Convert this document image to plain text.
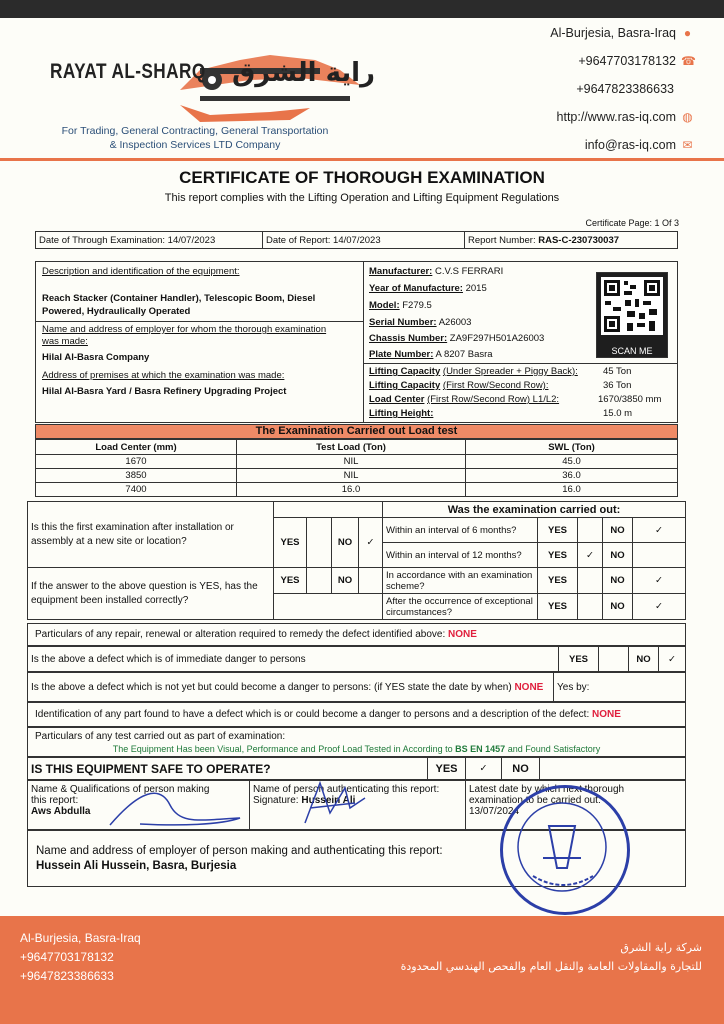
RAYAT AL-SHARQ راية الشرق
For Trading, General Contracting, General Transportation
& Inspection Services LTD Company
Al-Burjesia, Basra-Iraq ●
+9647703178132 ☎
+9647823386633
http://www.ras-iq.com ◍
info@ras-iq.com ✉
CERTIFICATE OF THOROUGH EXAMINATION
This report complies with the Lifting Operation and Lifting Equipment Regulations
Certificate Page: 1 Of 3
Date of Through Examination: 14/07/2023	Date of Report: 14/07/2023	Report Number: RAS-C-230730037
Description and identification of the equipment:
Reach Stacker (Container Handler), Telescopic Boom, Diesel Powered, Hydraulically Operated
Name and address of employer for whom the thorough examination was made:
Hilal Al-Basra Company
Address of premises at which the examination was made:
Hilal Al-Basra Yard / Basra Refinery Upgrading Project
Manufacturer: C.V.S FERRARI
Year of Manufacture: 2015
Model: F279.5
Serial Number: A26003
Chassis Number: ZA9F297H501A26003
Plate Number: A 8207 Basra
Lifting Capacity (Under Spreader + Piggy Back):	45 Ton
Lifting Capacity (First Row/Second Row):	36 Ton
Load Center (First Row/Second Row) L1/L2:	1670/3850 mm
Lifting Height:	15.0 m
SCAN ME
The Examination Carried out Load test
Load Center (mm)	Test Load (Ton)	SWL (Ton)
1670	NIL	45.0
3850	NIL	36.0
7400	16.0	16.0
Is this the first examination after installation or assembly at a new site or location?					Was the examination carried out:				
	YES		NO	✓	Within an interval of 6 months?	YES		NO	✓
					Within an interval of 12 months?	YES	✓	NO	
If the answer to the above question is YES, has the equipment been installed correctly?	YES		NO		In accordance with an examination scheme?	YES		NO	✓
					After the occurrence of exceptional circumstances?	YES		NO	✓
Particulars of any repair, renewal or alteration required to remedy the defect identified above: NONE
Is the above a defect which is of immediate danger to persons	YES		NO	✓
Is the above a defect which is not yet but could become a danger to persons: (if YES state the date by when) NONE	Yes by:
Identification of any part found to have a defect which is or could become a danger to persons and a description of the defect: NONE
Particulars of any test carried out as part of examination:
The Equipment Has been Visual, Performance and Proof Load Tested in According to BS EN 1457 and Found Satisfactory
IS THIS EQUIPMENT SAFE TO OPERATE?	YES	✓	NO	
Name & Qualifications of person making this report:
Aws Abdulla

Name of person authenticating this report:
Signature: Hussein Ali

Latest date by which next thorough examination to be carried out:
13/07/2024
Name and address of employer of person making and authenticating this report:
Hussein Ali Hussein, Basra, Burjesia
Al-Burjesia, Basra-Iraq
+9647703178132
+9647823386633
شركة راية الشرق
للتجارة والمقاولات العامة والنقل العام والفحص الهندسي المحدودة
